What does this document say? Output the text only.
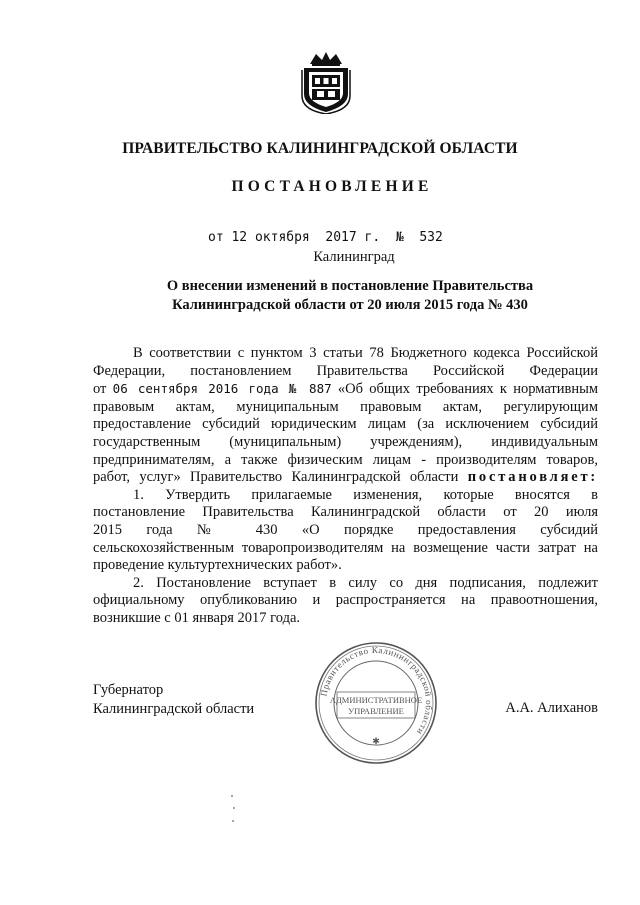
ПРАВИТЕЛЬСТВО КАЛИНИНГРАДСКОЙ ОБЛАСТИ
ПОСТАНОВЛЕНИЕ
от 12 октября  2017 г. № 532
Калининград
О внесении изменений в постановление Правительства
Калининградской области от 20 июля 2015 года № 430

В соответствии с пунктом 3 статьи 78 Бюджетного кодекса Российской
Федерации, постановлением Правительства Российской Федерации
от 06 сентября 2016 года № 887 «Об общих требованиях к нормативным
правовым актам, муниципальным правовым актам, регулирующим
предоставление субсидий юридическим лицам (за исключением субсидий
государственным (муниципальным) учреждениям), индивидуальным
предпринимателям, а также физическим лицам - производителям товаров,
работ, услуг» Правительство Калининградской области постановляет:

1. Утвердить прилагаемые изменения, которые вносятся в
постановление Правительства Калининградской области от 20 июля
2015 года № 430 «О порядке предоставления субсидий
сельскохозяйственным товаропроизводителям на возмещение части затрат на
проведение культуртехнических работ».

2. Постановление вступает в силу со дня подписания, подлежит
официальному опубликованию и распространяется на правоотношения,
возникшие с 01 января 2017 года.

Правительство Калининградской области
АДМИНИСТРАТИВНОЕ
УПРАВЛЕНИЕ
✱
Губернатор
Калининградской области	А.А. Алиханов
